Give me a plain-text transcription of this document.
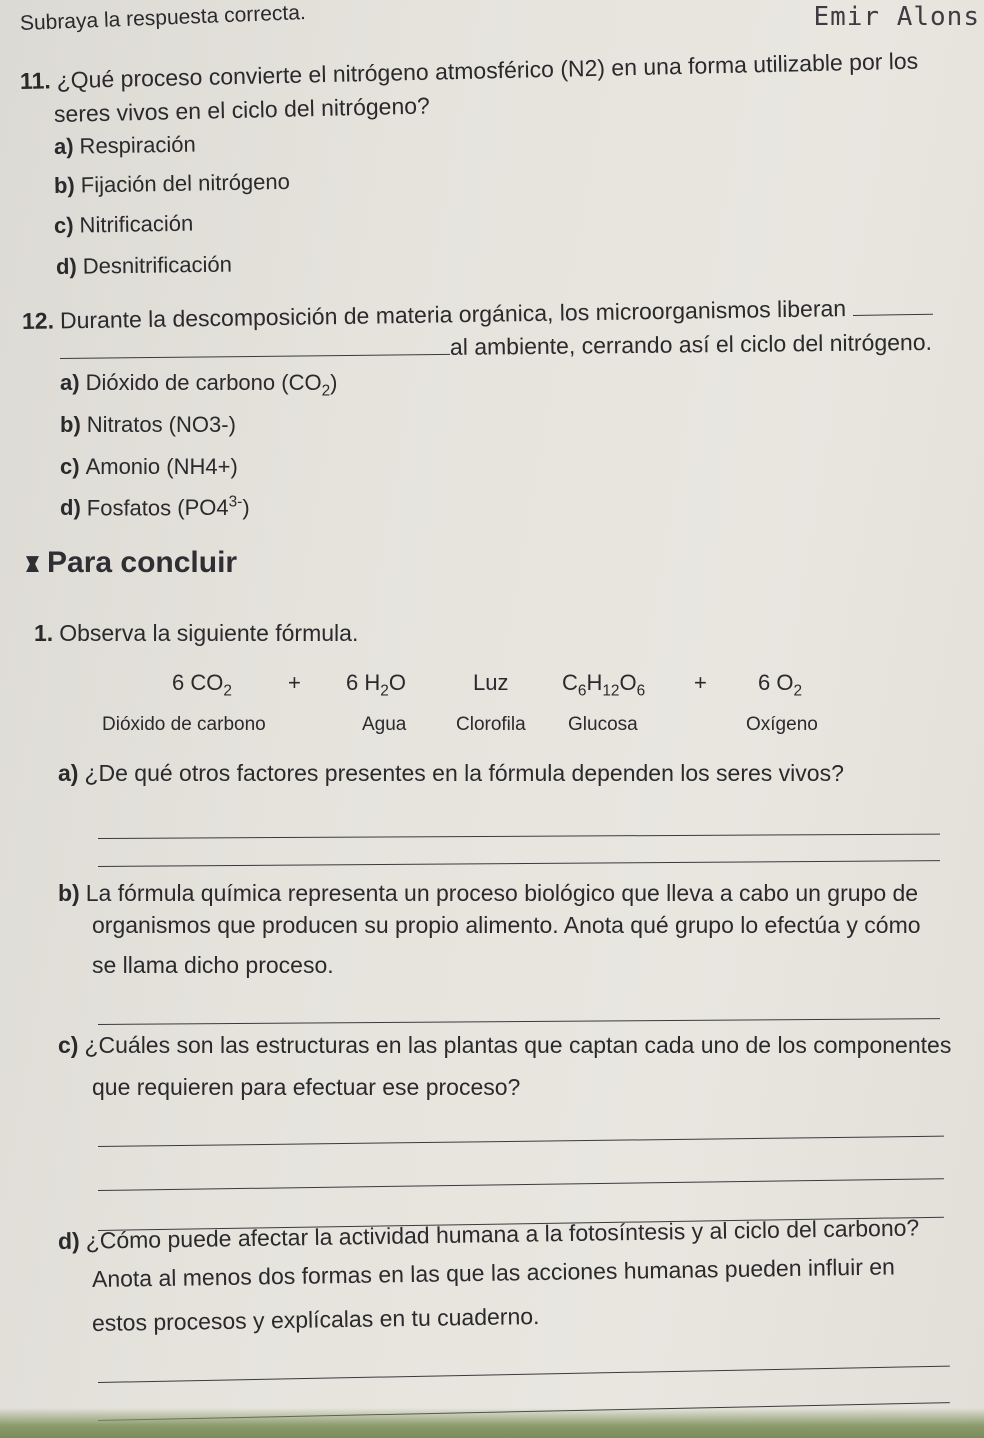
Subraya la respuesta correcta.	Emir Alons
11. ¿Qué proceso convierte el nitrógeno atmosférico (N2) en una forma utilizable por los
seres vivos en el ciclo del nitrógeno?
a) Respiración
b) Fijación del nitrógeno
c) Nitrificación
d) Desnitrificación
12. Durante la descomposición de materia orgánica, los microorganismos liberan
al ambiente, cerrando así el ciclo del nitrógeno.
a) Dióxido de carbono $(CO_2)$
b) Nitratos (NO3-)
c) Amonio (NH4+)
d) Fosfatos $(PO4^{3-})$
Para concluir
1. Observa la siguiente fórmula.
6 $CO_2$	+ 6 $H_2O$	Luz $C_6H_{12}O_6 + 6$ $O_2$
Dióxido de carbono	Agua	Clorofila Glucosa	Oxígeno
a) ¿De qué otros factores presentes en la fórmula dependen los seres vivos?
b) La fórmula química representa un proceso biológico que lleva a cabo un grupo de
organismos que producen su propio alimento. Anota qué grupo lo efectúa y cómo
se llama dicho proceso.
c) ¿Cuáles son las estructuras en las plantas que captan cada uno de los componentes
que requieren para efectuar ese proceso?
d) ¿Cómo puede afectar la actividad humana a la fotosíntesis y al ciclo del carbono?
Anota al menos dos formas en las que las acciones humanas pueden influir en
estos procesos y explícalas en tu cuaderno.
